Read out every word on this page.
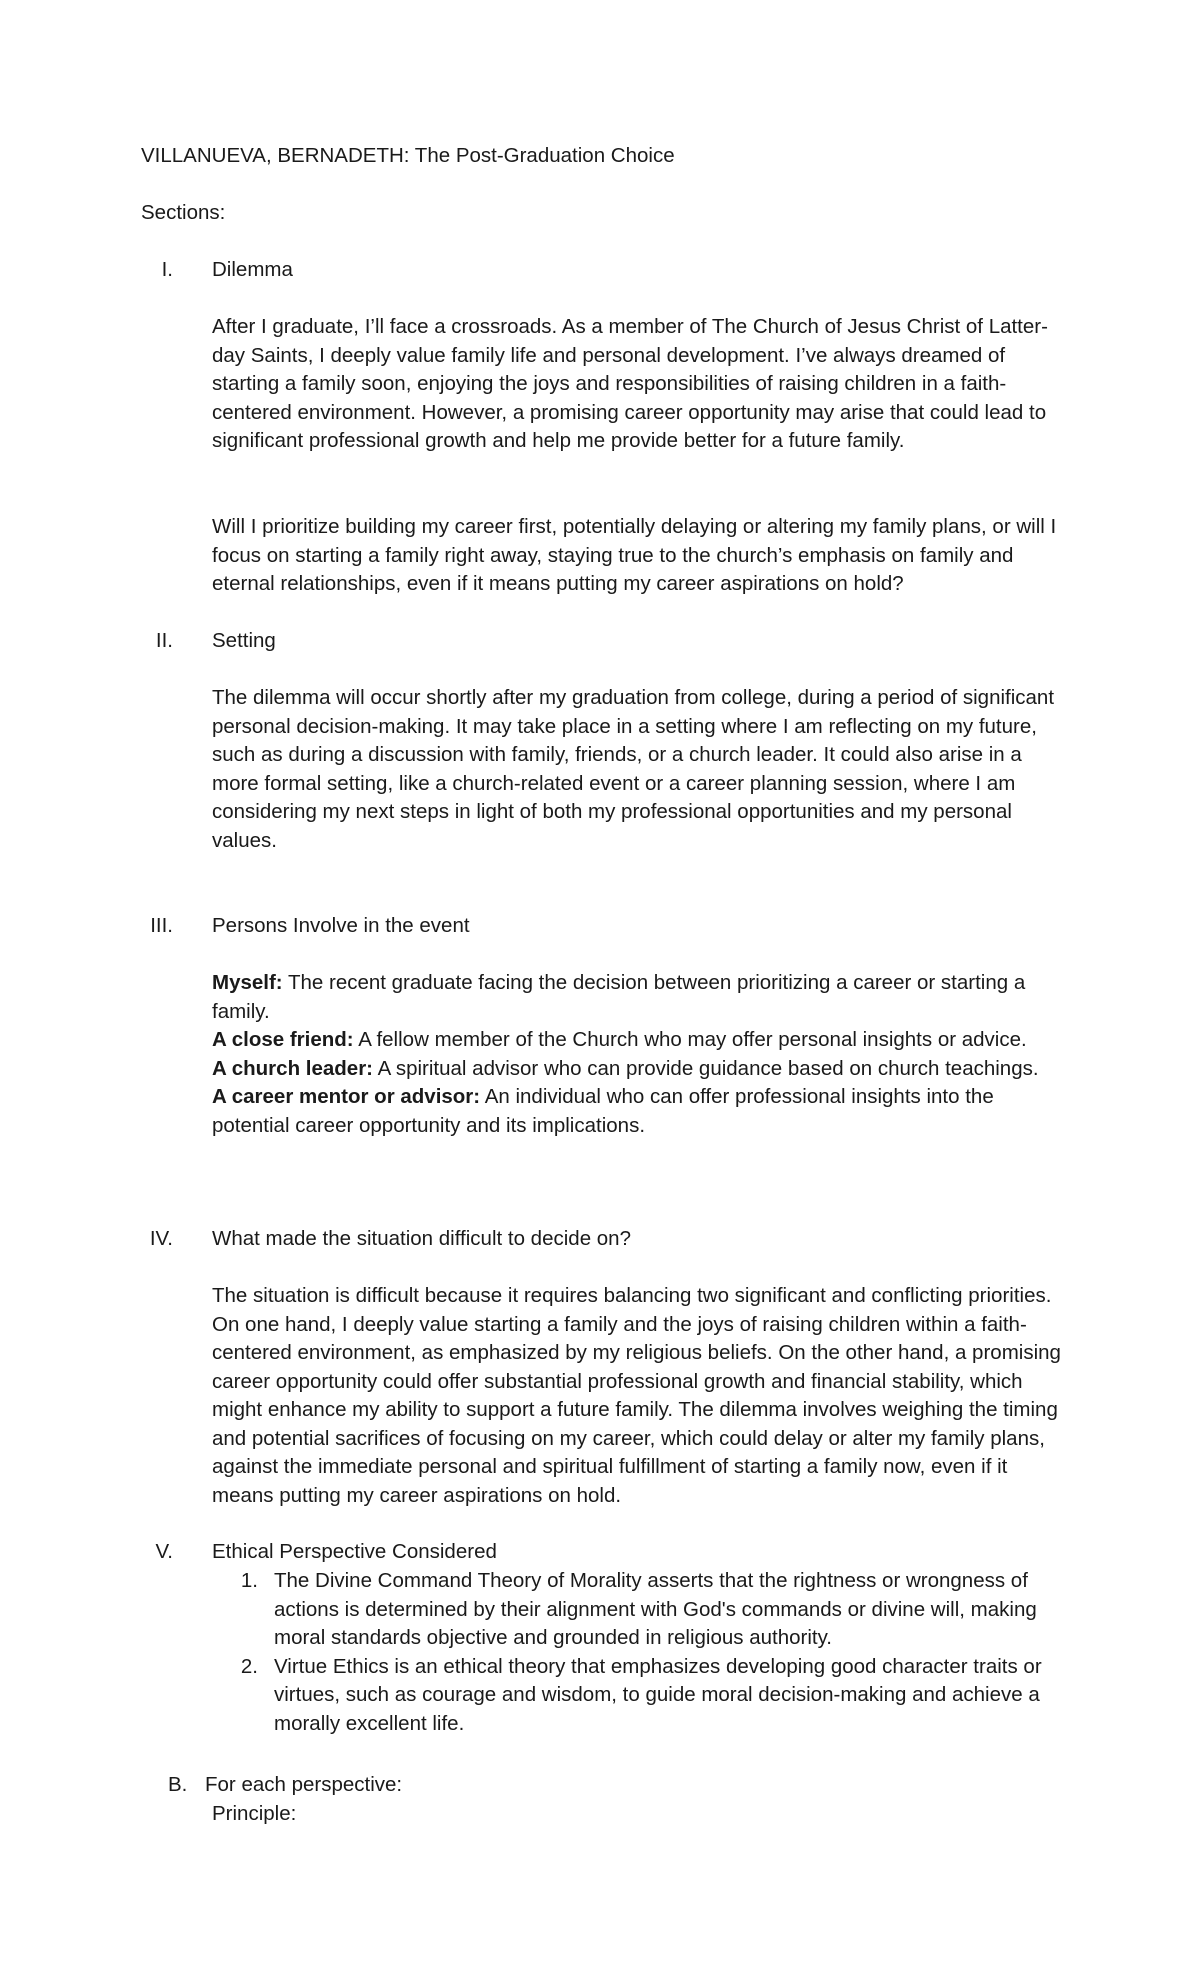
VILLANUEVA, BERNADETH: The Post-Graduation Choice
Sections:
I. Dilemma

After I graduate, I’ll face a crossroads. As a member of The Church of Jesus Christ of Latter-day Saints, I deeply value family life and personal development. I’ve always dreamed of starting a family soon, enjoying the joys and responsibilities of raising children in a faith-centered environment. However, a promising career opportunity may arise that could lead to significant professional growth and help me provide better for a future family.

Will I prioritize building my career first, potentially delaying or altering my family plans, or will I focus on starting a family right away, staying true to the church’s emphasis on family and eternal relationships, even if it means putting my career aspirations on hold?

II. Setting

The dilemma will occur shortly after my graduation from college, during a period of significant personal decision-making. It may take place in a setting where I am reflecting on my future, such as during a discussion with family, friends, or a church leader. It could also arise in a more formal setting, like a church-related event or a career planning session, where I am considering my next steps in light of both my professional opportunities and my personal values.

III. Persons Involve in the event
Myself: The recent graduate facing the decision between prioritizing a career or starting a family.
A close friend: A fellow member of the Church who may offer personal insights or advice.
A church leader: A spiritual advisor who can provide guidance based on church teachings.
A career mentor or advisor: An individual who can offer professional insights into the potential career opportunity and its implications.
IV. What made the situation difficult to decide on?

The situation is difficult because it requires balancing two significant and conflicting priorities. On one hand, I deeply value starting a family and the joys of raising children within a faith-centered environment, as emphasized by my religious beliefs. On the other hand, a promising career opportunity could offer substantial professional growth and financial stability, which might enhance my ability to support a future family. The dilemma involves weighing the timing and potential sacrifices of focusing on my career, which could delay or alter my family plans, against the immediate personal and spiritual fulfillment of starting a family now, even if it means putting my career aspirations on hold.

V. Ethical Perspective Considered
1. The Divine Command Theory of Morality asserts that the rightness or wrongness of actions is determined by their alignment with God's commands or divine will, making moral standards objective and grounded in religious authority.
2. Virtue Ethics is an ethical theory that emphasizes developing good character traits or virtues, such as courage and wisdom, to guide moral decision-making and achieve a morally excellent life.
B. For each perspective:
Principle:
